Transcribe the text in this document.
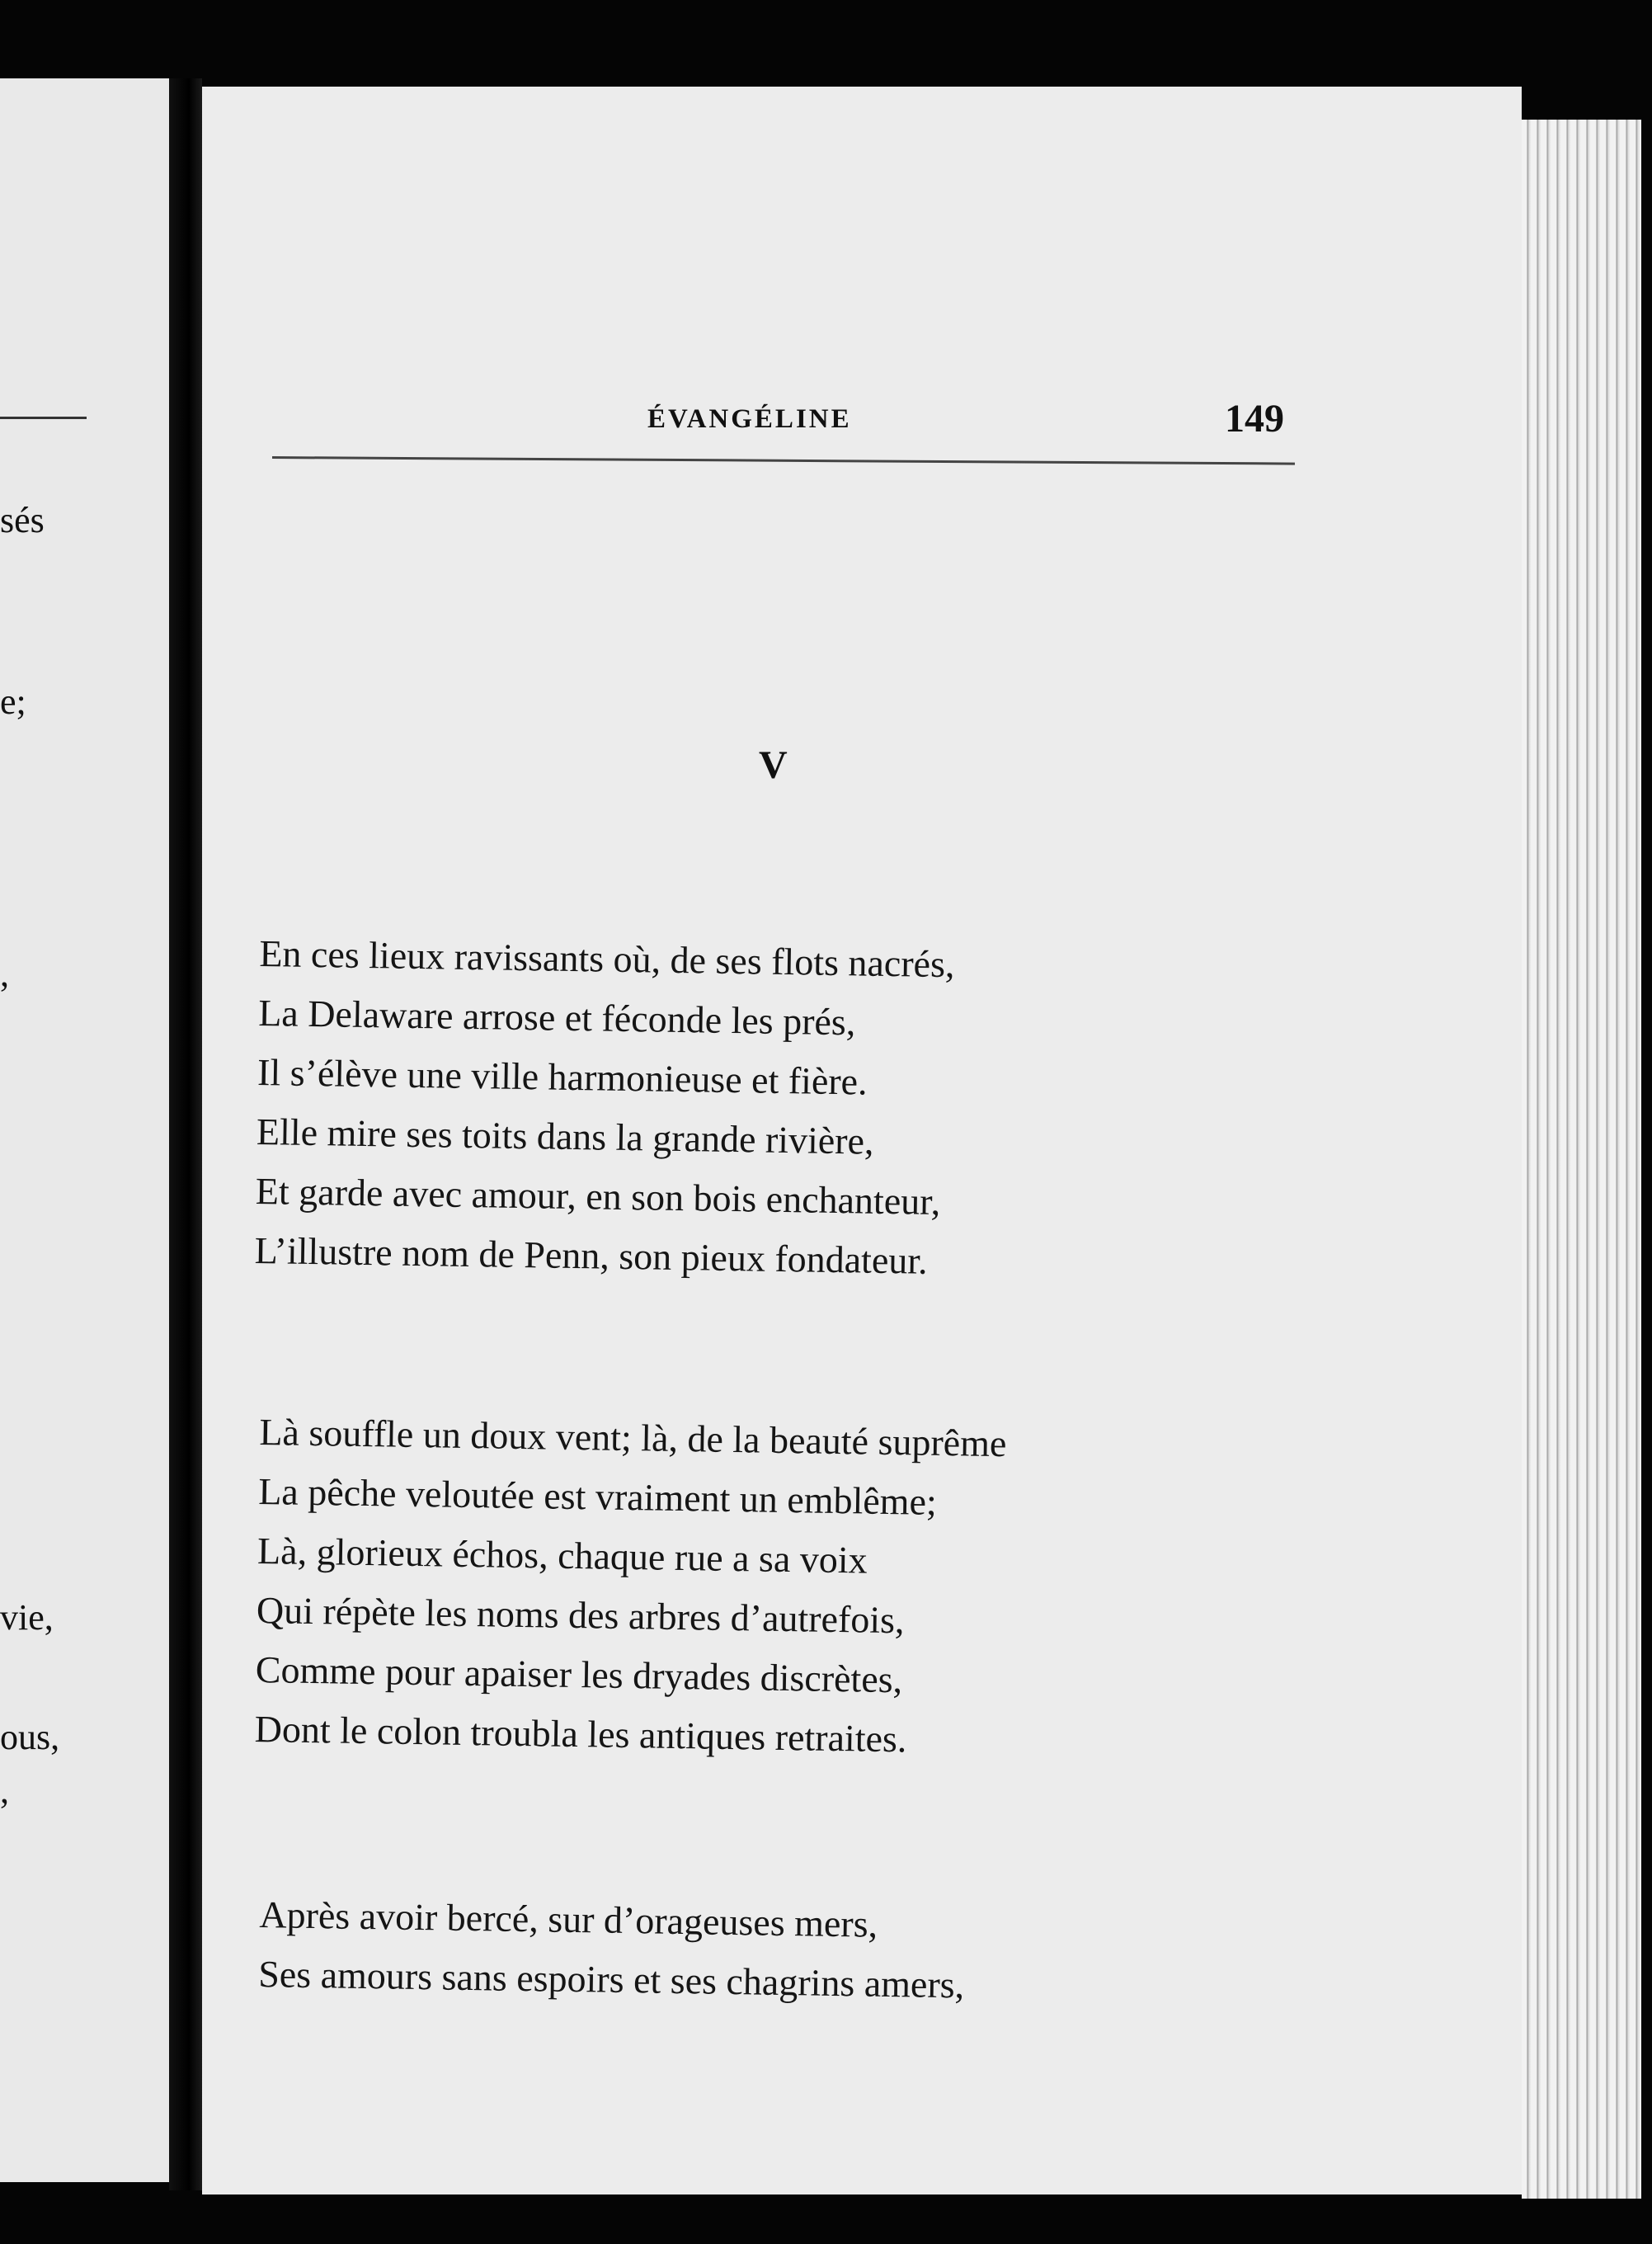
sés
e;
,
vie,
ous,
,
ÉVANGÉLINE	149
V
En ces lieux ravissants où, de ses flots nacrés,
La Delaware arrose et féconde les prés,
Il s’élève une ville harmonieuse et fière.
Elle mire ses toits dans la grande rivière,
Et garde avec amour, en son bois enchanteur,
L’illustre nom de Penn, son pieux fondateur.
Là souffle un doux vent; là, de la beauté suprême
La pêche veloutée est vraiment un emblême;
Là, glorieux échos, chaque rue a sa voix
Qui répète les noms des arbres d’autrefois,
Comme pour apaiser les dryades discrètes,
Dont le colon troubla les antiques retraites.
Après avoir bercé, sur d’orageuses mers,
Ses amours sans espoirs et ses chagrins amers,
